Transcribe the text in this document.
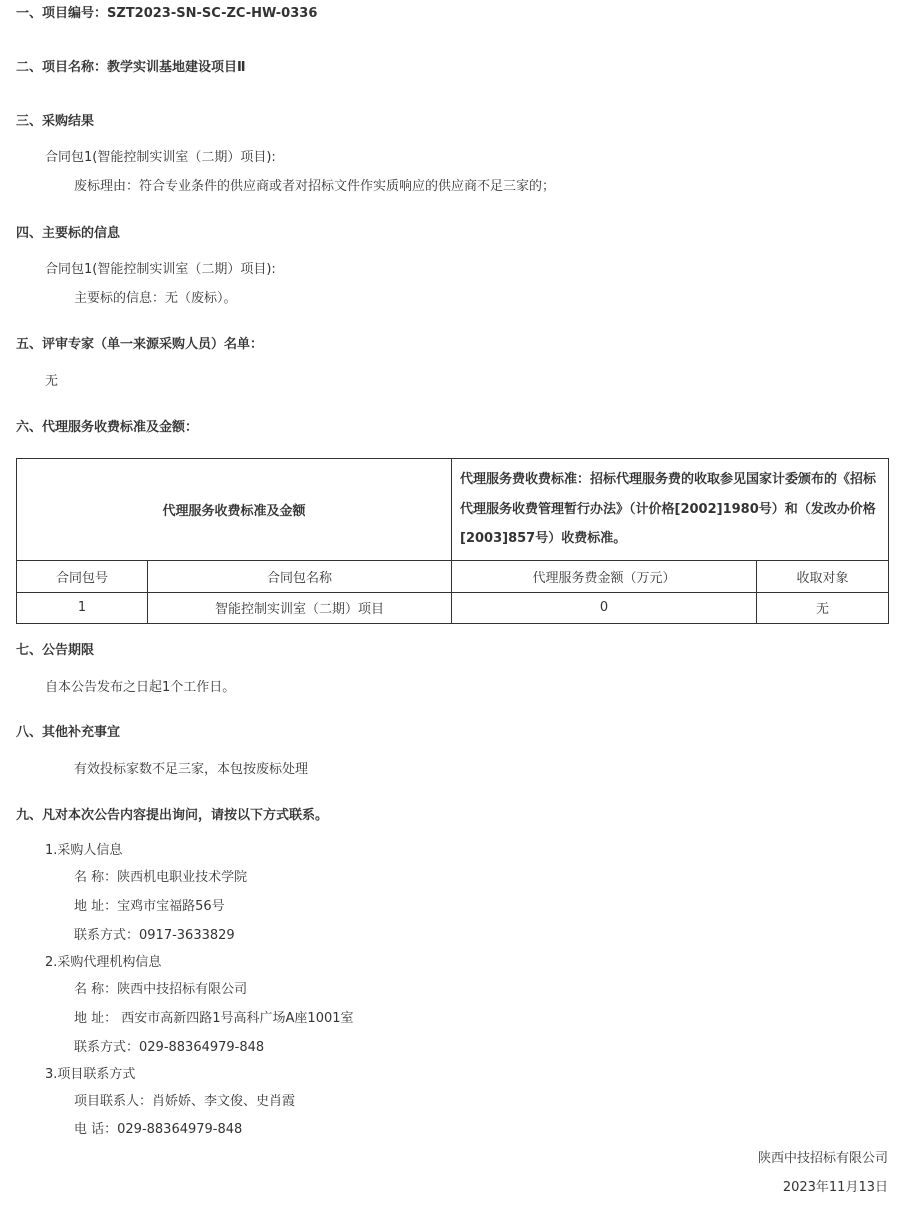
一、项目编号：SZT2023-SN-SC-ZC-HW-0336
二、项目名称：教学实训基地建设项目Ⅱ
三、采购结果
合同包1(智能控制实训室（二期）项目):
废标理由：符合专业条件的供应商或者对招标文件作实质响应的供应商不足三家的；
四、主要标的信息
合同包1(智能控制实训室（二期）项目):
主要标的信息：无（废标）。
五、评审专家（单一来源采购人员）名单：
无
六、代理服务收费标准及金额：
代理服务收费标准及金额		代理服务费收费标准：招标代理服务费的收取参见国家计委颁布的《招标代理服务收费管理暂行办法》（计价格[2002]1980号）和（发改办价格[2003]857号）收费标准。	
合同包号	合同包名称	代理服务费金额（万元）	收取对象
1	智能控制实训室（二期）项目	0	无
七、公告期限
自本公告发布之日起1个工作日。
八、其他补充事宜
有效投标家数不足三家，本包按废标处理
九、凡对本次公告内容提出询问，请按以下方式联系。
1.采购人信息
名 称：陕西机电职业技术学院
地 址：宝鸡市宝福路56号
联系方式：0917-3633829
2.采购代理机构信息
名 称：陕西中技招标有限公司
地 址： 西安市高新四路1号高科广场A座1001室
联系方式：029-88364979-848
3.项目联系方式
项目联系人：肖娇娇、李文俊、史肖霞
电 话：029-88364979-848
陕西中技招标有限公司
2023年11月13日
